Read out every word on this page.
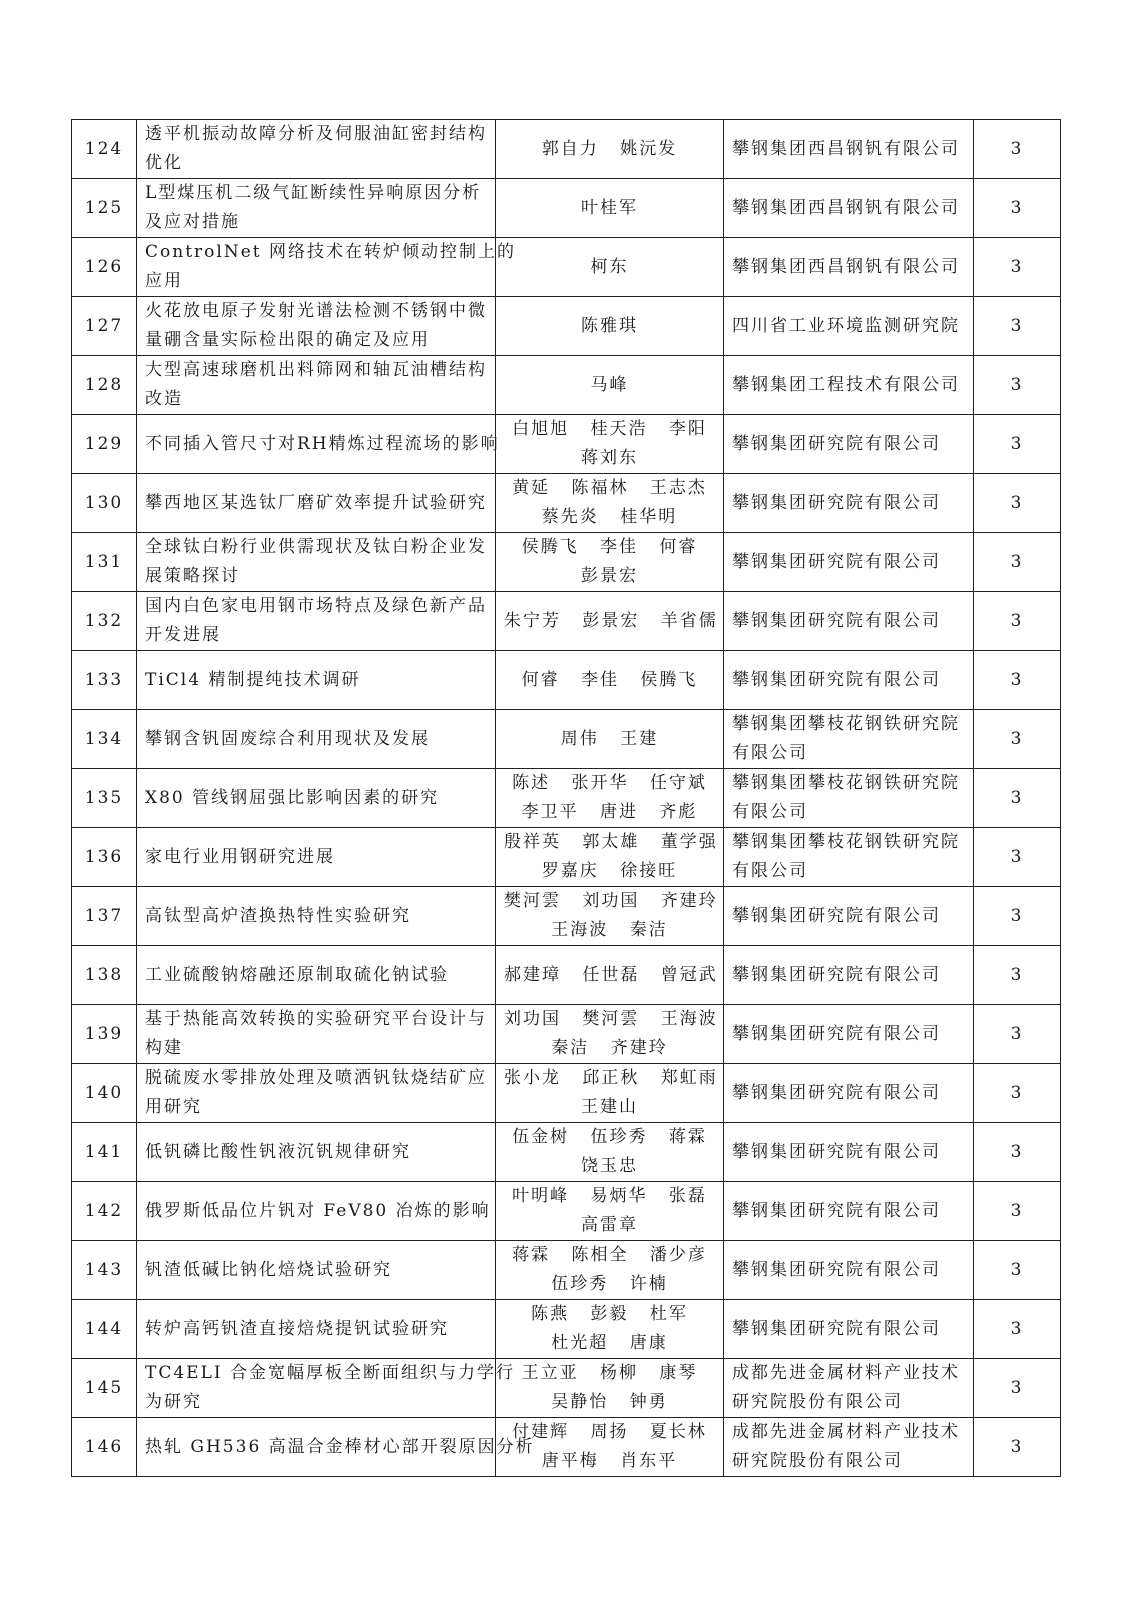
124	透平机振动故障分析及伺服油缸密封结构
优化	郭自力 姚沅发	攀钢集团西昌钢钒有限公司	3
125	L型煤压机二级气缸断续性异响原因分析
及应对措施	叶桂军	攀钢集团西昌钢钒有限公司	3
126	ControlNet 网络技术在转炉倾动控制上的
应用	柯东	攀钢集团西昌钢钒有限公司	3
127	火花放电原子发射光谱法检测不锈钢中微
量硼含量实际检出限的确定及应用	陈雅琪	四川省工业环境监测研究院	3
128	大型高速球磨机出料筛网和轴瓦油槽结构
改造	马峰	攀钢集团工程技术有限公司	3
129	不同插入管尺寸对RH精炼过程流场的影响	白旭旭 桂天浩 李阳
蒋刘东	攀钢集团研究院有限公司	3
130	攀西地区某选钛厂磨矿效率提升试验研究	黄延 陈福林 王志杰
蔡先炎 桂华明	攀钢集团研究院有限公司	3
131	全球钛白粉行业供需现状及钛白粉企业发
展策略探讨	侯腾飞 李佳 何睿
彭景宏	攀钢集团研究院有限公司	3
132	国内白色家电用钢市场特点及绿色新产品
开发进展	朱宁芳 彭景宏 羊省儒	攀钢集团研究院有限公司	3
133	TiCl4 精制提纯技术调研	何睿 李佳 侯腾飞	攀钢集团研究院有限公司	3
134	攀钢含钒固废综合利用现状及发展	周伟 王建	攀钢集团攀枝花钢铁研究院
有限公司	3
135	X80 管线钢屈强比影响因素的研究	陈述 张开华 任守斌
李卫平 唐进 齐彪	攀钢集团攀枝花钢铁研究院
有限公司	3
136	家电行业用钢研究进展	殷祥英 郭太雄 董学强
罗嘉庆 徐接旺	攀钢集团攀枝花钢铁研究院
有限公司	3
137	高钛型高炉渣换热特性实验研究	樊河雲 刘功国 齐建玲
王海波 秦洁	攀钢集团研究院有限公司	3
138	工业硫酸钠熔融还原制取硫化钠试验	郝建璋 任世磊 曾冠武	攀钢集团研究院有限公司	3
139	基于热能高效转换的实验研究平台设计与
构建	刘功国 樊河雲 王海波
秦洁 齐建玲	攀钢集团研究院有限公司	3
140	脱硫废水零排放处理及喷洒钒钛烧结矿应
用研究	张小龙 邱正秋 郑虹雨
王建山	攀钢集团研究院有限公司	3
141	低钒磷比酸性钒液沉钒规律研究	伍金树 伍珍秀 蒋霖
饶玉忠	攀钢集团研究院有限公司	3
142	俄罗斯低品位片钒对 FeV80 冶炼的影响	叶明峰 易炳华 张磊
高雷章	攀钢集团研究院有限公司	3
143	钒渣低碱比钠化焙烧试验研究	蒋霖 陈相全 潘少彦
伍珍秀 许楠	攀钢集团研究院有限公司	3
144	转炉高钙钒渣直接焙烧提钒试验研究	陈燕 彭毅 杜军
杜光超 唐康	攀钢集团研究院有限公司	3
145	TC4ELI 合金宽幅厚板全断面组织与力学行
为研究	王立亚 杨柳 康琴
吴静怡 钟勇	成都先进金属材料产业技术
研究院股份有限公司	3
146	热轧 GH536 高温合金棒材心部开裂原因分析	付建辉 周扬 夏长林
唐平梅 肖东平	成都先进金属材料产业技术
研究院股份有限公司	3
